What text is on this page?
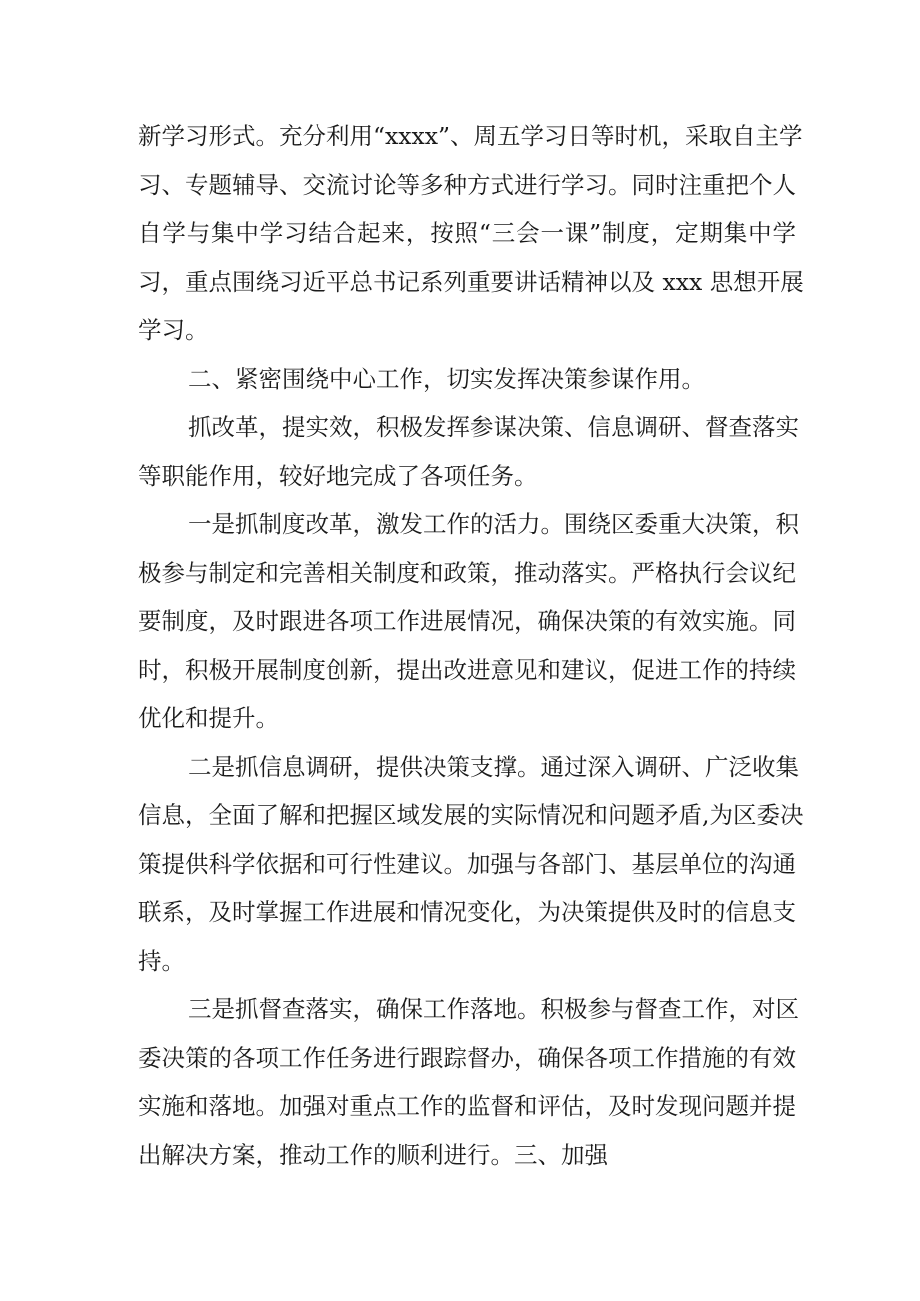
新学习形式。充分利用“xxxx”、周五学习日等时机，采取自主学
习、专题辅导、交流讨论等多种方式进行学习。同时注重把个人
自学与集中学习结合起来，按照“三会一课”制度，定期集中学
习，重点围绕习近平总书记系列重要讲话精神以及 xxx 思想开展
学习。
二、紧密围绕中心工作，切实发挥决策参谋作用。
抓改革，提实效，积极发挥参谋决策、信息调研、督查落实
等职能作用，较好地完成了各项任务。
一是抓制度改革，激发工作的活力。围绕区委重大决策，积
极参与制定和完善相关制度和政策，推动落实。严格执行会议纪
要制度，及时跟进各项工作进展情况，确保决策的有效实施。同
时，积极开展制度创新，提出改进意见和建议，促进工作的持续
优化和提升。
二是抓信息调研，提供决策支撑。通过深入调研、广泛收集
信息，全面了解和把握区域发展的实际情况和问题矛盾,为区委决
策提供科学依据和可行性建议。加强与各部门、基层单位的沟通
联系，及时掌握工作进展和情况变化，为决策提供及时的信息支
持。
三是抓督查落实，确保工作落地。积极参与督查工作，对区
委决策的各项工作任务进行跟踪督办，确保各项工作措施的有效
实施和落地。加强对重点工作的监督和评估，及时发现问题并提
出解决方案，推动工作的顺利进行。三、加强
